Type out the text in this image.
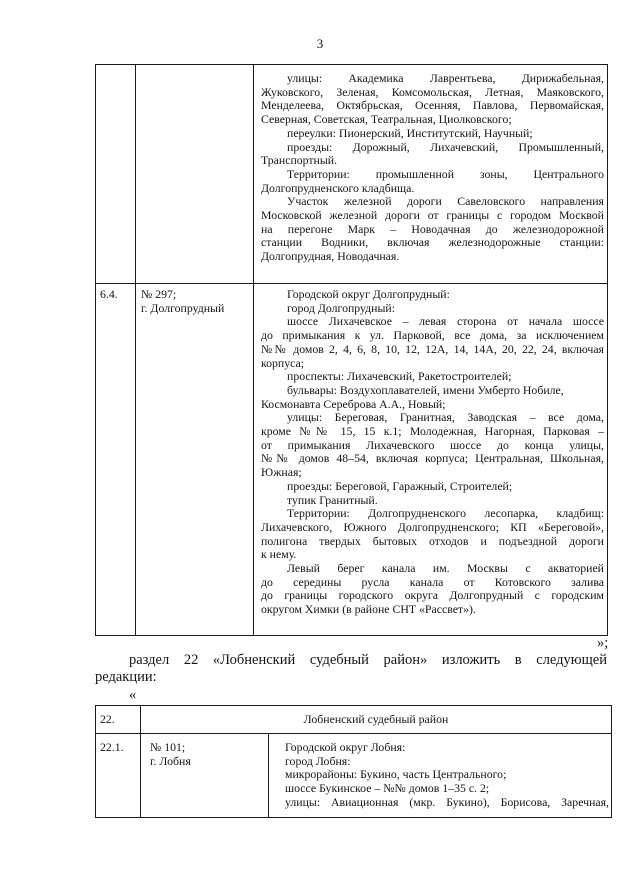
3
улицы: Академика Лаврентьева, Дирижабельная,
Жуковского, Зеленая, Комсомольская, Летная, Маяковского,
Менделеева, Октябрьская, Осенняя, Павлова, Первомайская,
Северная, Советская, Театральная, Циолковского;
переулки: Пионерский, Институтский, Научный;
проезды: Дорожный, Лихачевский, Промышленный,
Транспортный.
Территории: промышленной зоны, Центрального
Долгопрудненского кладбища.
Участок железной дороги Савеловского направления
Московской железной дороги от границы с городом Москвой
на перегоне Марк – Новодачная до железнодорожной
станции Водники, включая железнодорожные станции:
Долгопрудная, Новодачная.
6.4. № 297;
г. Долгопрудный
Городской округ Долгопрудный:
город Долгопрудный:
шоссе Лихачевское – левая сторона от начала шоссе
до примыкания к ул. Парковой, все дома, за исключением
№№ домов 2, 4, 6, 8, 10, 12, 12А, 14, 14А, 20, 22, 24, включая
корпуса;
проспекты: Лихачевский, Ракетостроителей;
бульвары: Воздухоплавателей, имени Умберто Нобиле,
Космонавта Сереброва А.А., Новый;
улицы: Береговая, Гранитная, Заводская – все дома,
кроме №№ 15, 15 к.1; Молодежная, Нагорная, Парковая –
от примыкания Лихачевского шоссе до конца улицы,
№№ домов 48–54, включая корпуса; Центральная, Школьная,
Южная;
проезды: Береговой, Гаражный, Строителей;
тупик Гранитный.
Территории: Долгопрудненского лесопарка, кладбищ:
Лихачевского, Южного Долгопрудненского; КП «Береговой»,
полигона твердых бытовых отходов и подъездной дороги
к нему.
Левый берег канала им. Москвы с акваторией
до середины русла канала от Котовского залива
до границы городского округа Долгопрудный с городским
округом Химки (в районе СНТ «Рассвет»).
»;
раздел 22 «Лобненский судебный район» изложить в следующей
редакции:
«
22.	Лобненский судебный район
22.1. № 101;
г. Лобня
Городской округ Лобня:
город Лобня:
микрорайоны: Букино, часть Центрального;
шоссе Букинское – №№ домов 1–35 с. 2;
улицы: Авиационная (мкр. Букино), Борисова, Заречная,
